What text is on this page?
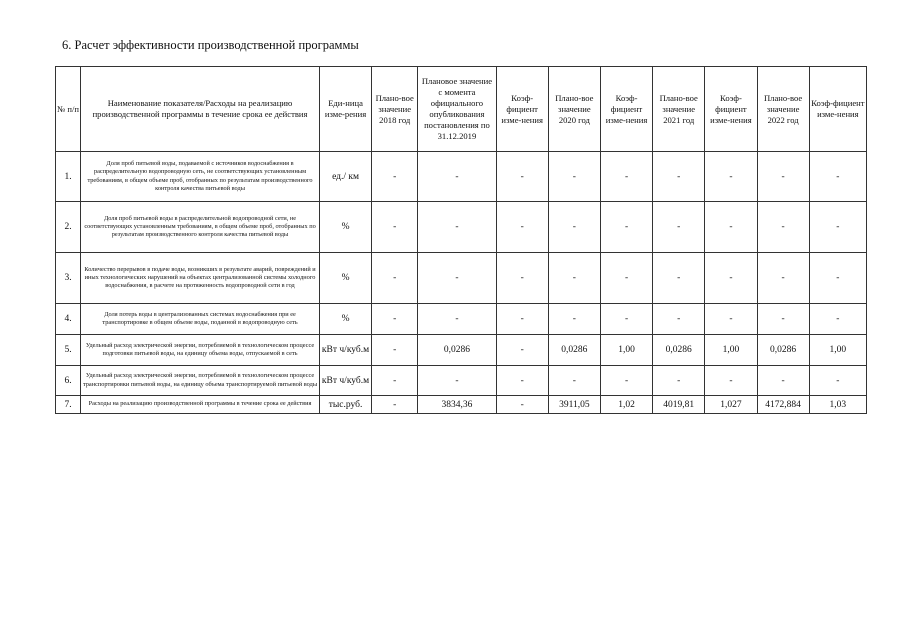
6. Расчет эффективности производственной программы
№ п/п	Наименование показателя/Расходы на реализацию производственной программы в течение срока ее действия	Еди-ница изме-рения	Плано-вое значение 2018 год	Плановое значение с момента официального опубликования постановления по 31.12.2019	Коэф-фициент изме-нения	Плано-вое значение 2020 год	Коэф-фициент изме-нения	Плано-вое значение 2021 год	Коэф-фициент изме-нения	Плано-вое значение 2022 год	Коэф-фициент изме-нения
1.	Доля проб питьевой воды, подаваемой с источников водоснабжения в распределительную водопроводную сеть, не соответствующих установленным требованиям, в общем объеме проб, отобранных по результатам производственного контроля качества питьевой воды	ед./ км	-	-	-	-	-	-	-	-	-
2.	Доля проб питьевой воды в распределительной водопроводной сети, не соответствующих установленным требованиям, в общем объеме проб, отобранных по результатам производственного контроля качества питьевой воды	%	-	-	-	-	-	-	-	-	-
3.	Количество перерывов в подаче воды, возникших в результате аварий, повреждений и иных технологических нарушений на объектах централизованной системы холодного водоснабжения, в расчете на протяженность водопроводной сети в год	%	-	-	-	-	-	-	-	-	-
4.	Доля потерь воды в централизованных системах водоснабжения при ее транспортировке в общем объеме воды, поданной в водопроводную сеть	%	-	-	-	-	-	-	-	-	-
5.	Удельный расход электрической энергии, потребляемой в технологическом процессе подготовки питьевой воды, на единицу объема воды, отпускаемой в сеть	кВт ч/куб.м	-	0,0286	-	0,0286	1,00	0,0286	1,00	0,0286	1,00
6.	Удельный расход электрической энергии, потребляемой в технологическом процессе транспортировки питьевой воды, на единицу объема транспортируемой питьевой воды	кВт ч/куб.м	-	-	-	-	-	-	-	-	-
7.	Расходы на реализацию производственной программы в течение срока ее действия	тыс.руб.	-	3834,36	-	3911,05	1,02	4019,81	1,027	4172,884	1,03
